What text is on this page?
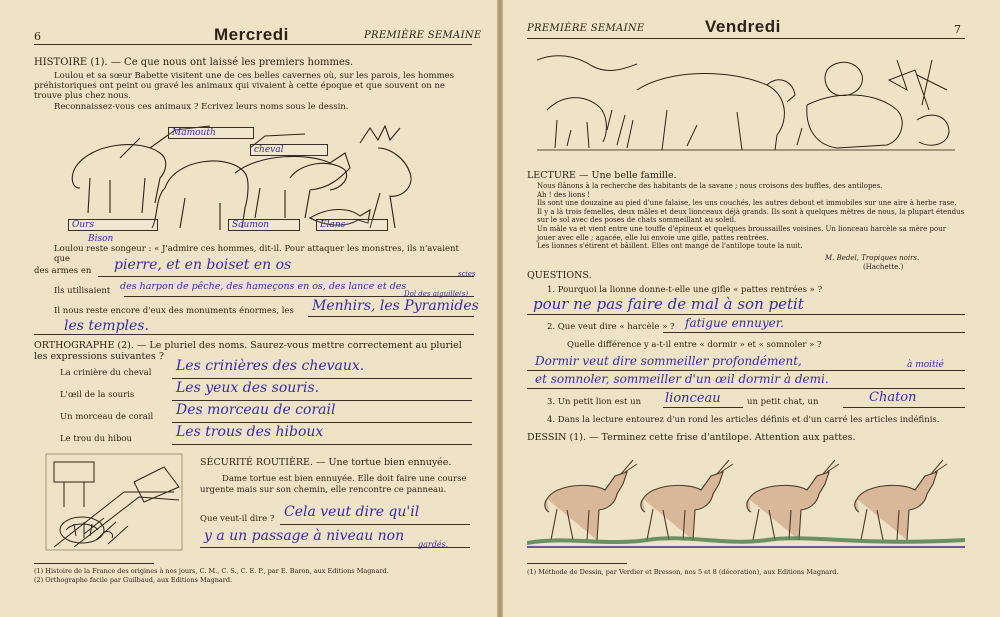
6	Mercredi	PREMIÈRE SEMAINE
HISTOIRE (1). — Ce que nous ont laissé les premiers hommes.
Loulou et sa sœur Babette visitent une de ces belles cavernes où, sur les parois, les hommes préhistoriques ont peint ou gravé les animaux qui vivaient à cette époque et que souvent on ne trouve plus chez nous.
Reconnaissez-vous ces animaux ? Ecrivez leurs noms sous le dessin.
Mamouth
cheval
Ours	Saumon	Elans
Bison
Loulou reste songeur : « J'admire ces hommes, dit-il. Pour attaquer les monstres, ils n'avaient que
des armes en pierre, et en boiset en os
Ils utilisaient des harpon de pêche, des hameçons en os, des lance et des
scies
Il nous reste encore d'eux des monuments énormes, les Menhirs, les Pyramides
Dol des aiguille(s)
les temples.
ORTHOGRAPHE (2). — Le pluriel des noms. Saurez-vous mettre correctement au pluriel les expressions suivantes ?
La crinière du cheval Les crinières des chevaux.
L'œil de la souris	Les yeux des souris.
Un morceau de corail Des morceau de corail
Le trou du hibou	Les trous des hiboux
SÉCURITÉ ROUTIÈRE. — Une tortue bien ennuyée.
Dame tortue est bien ennuyée. Elle doit faire une course urgente mais sur son chemin, elle rencontre ce panneau.
Que veut-il dire ? Cela veut dire qu'il
y a un passage à niveau non
gardés.
(1) Histoire de la France des origines à nos jours, C. M., C. S., C. E. P., par E. Baron, aux Editions Magnard.
(2) Orthographe facile par Guilbaud, aux Editions Magnard.
PREMIÈRE SEMAINE	Vendredi	7
LECTURE — Une belle famille.
Nous flânons à la recherche des habitants de la savane ; nous croisons des buffles, des antilopes.
Ah ! des lions !
Ils sont une douzaine au pied d'une falaise, les uns couchés, les autres debout et immobiles sur une aire à herbe rase.
Il y a là trois femelles, deux mâles et deux lionceaux déjà grands. Ils sont à quelques mètres de nous, la plupart étendus sur le sol avec des poses de chats sommeillant au soleil.
Un mâle va et vient entre une touffe d'épineux et quelques broussailles voisines. Un lionceau harcèle sa mère pour jouer avec elle ; agacée, elle lui envoie une gifle, pattes rentrées.
Les lionnes s'étirent et bâillent. Elles ont mangé de l'antilope toute la nuit.
M. Bedel, Tropiques noirs.
(Hachette.)
QUESTIONS.
1. Pourquoi la lionne donne-t-elle une gifle « pattes rentrées » ?
pour ne pas faire de mal à son petit
2. Que veut dire « harcèle » ? fatigue ennuyer.
Quelle différence y a-t-il entre « dormir » et « somnoler » ?
Dormir veut dire sommeiller profondément,
et somnoler, sommeiller d'un œil dormir à demi.
à moitié
3. Un petit lion est un lionceau	un petit chat, un	Chaton
4. Dans la lecture entourez d'un rond les articles définis et d'un carré les articles indéfinis.
DESSIN (1). — Terminez cette frise d'antilope. Attention aux pattes.
(1) Méthode de Dessin, par Verdier et Bresson, nos 5 et 8 (décoration), aux Editions Magnard.
